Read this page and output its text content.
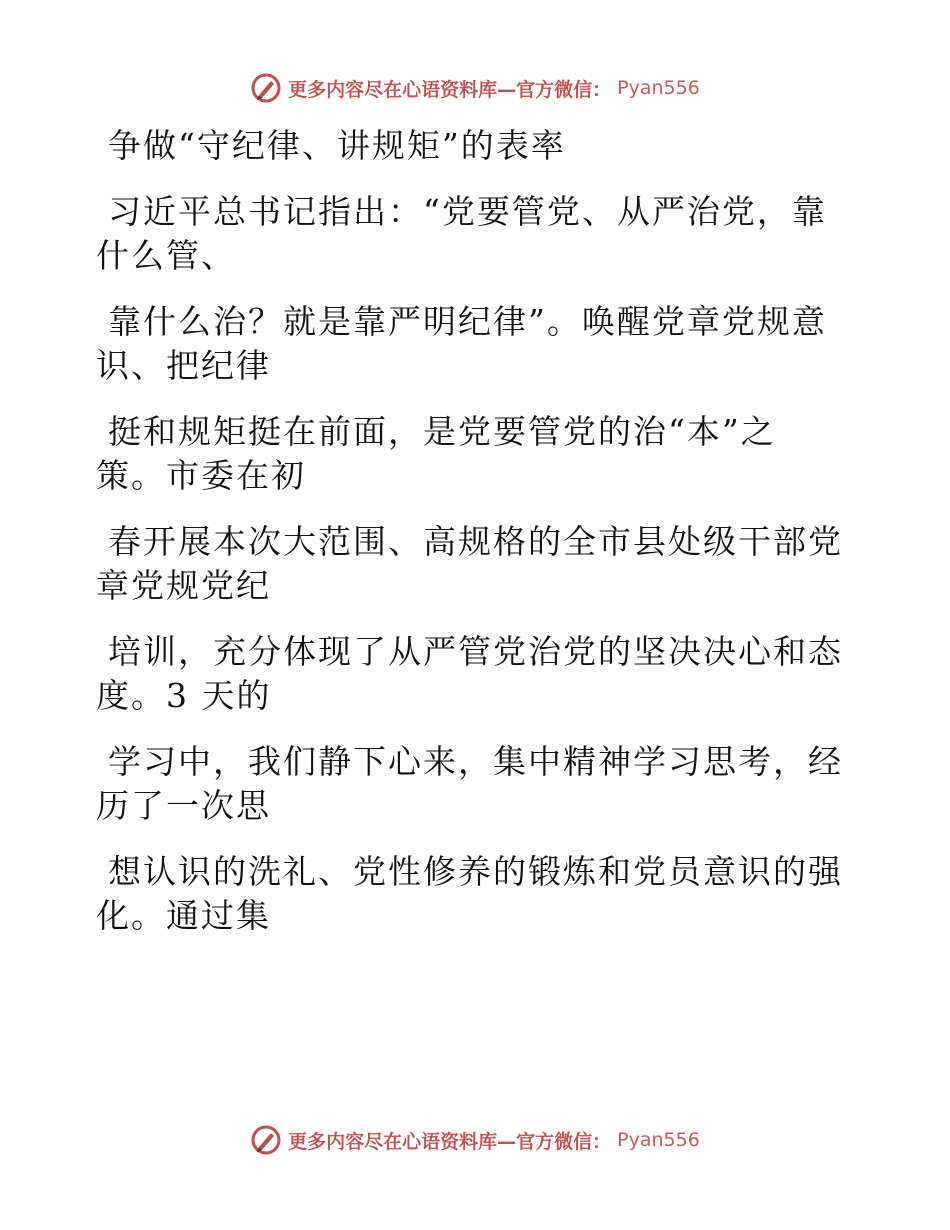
更多内容尽在心语资料库—官方微信： Pyan556
争做“守纪律、讲规矩”的表率
习近平总书记指出：“党要管党、从严治党，靠
什么管、
靠什么治？就是靠严明纪律”。唤醒党章党规意
识、把纪律
挺和规矩挺在前面，是党要管党的治“本”之
策。市委在初
春开展本次大范围、高规格的全市县处级干部党
章党规党纪
培训，充分体现了从严管党治党的坚决决心和态
度。3 天的
学习中，我们静下心来，集中精神学习思考，经
历了一次思
想认识的洗礼、党性修养的锻炼和党员意识的强
化。通过集
更多内容尽在心语资料库—官方微信： Pyan556
